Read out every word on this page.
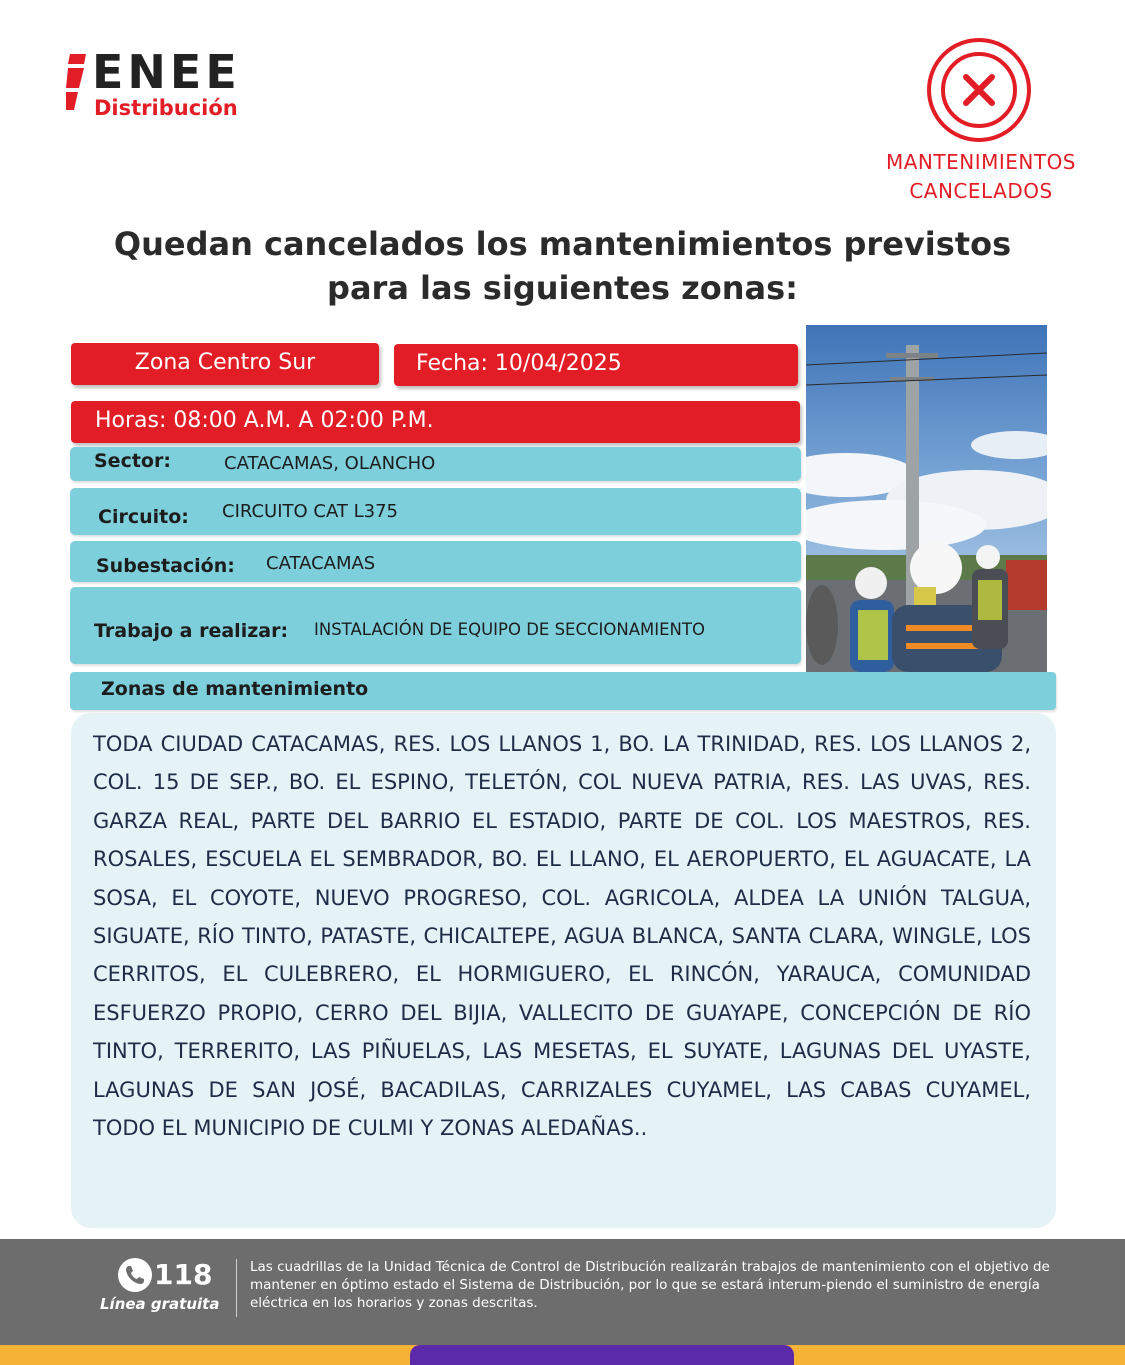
ENEE
Distribución
MANTENIMIENTOS
CANCELADOS
Quedan cancelados los mantenimientos previstos
para las siguientes zonas:
Zona Centro Sur	Fecha: 10/04/2025
Horas: 08:00 A.M. A 02:00 P.M.
Sector:	CATACAMAS, OLANCHO
Circuito: CIRCUITO CAT L375
Subestación: CATACAMAS
Trabajo a realizar: INSTALACIÓN DE EQUIPO DE SECCIONAMIENTO
Zonas de mantenimiento
TODA CIUDAD CATACAMAS, RES. LOS LLANOS 1, BO. LA TRINIDAD, RES. LOS LLANOS 2, COL. 15 DE SEP., BO. EL ESPINO, TELETÓN, COL NUEVA PATRIA, RES. LAS UVAS, RES. GARZA REAL, PARTE DEL BARRIO EL ESTADIO, PARTE DE COL. LOS MAESTROS, RES. ROSALES, ESCUELA EL SEMBRADOR, BO. EL LLANO, EL AEROPUERTO, EL AGUACATE, LA SOSA, EL COYOTE, NUEVO PROGRESO, COL. AGRICOLA, ALDEA LA UNIÓN TALGUA, SIGUATE, RÍO TINTO, PATASTE, CHICALTEPE, AGUA BLANCA, SANTA CLARA, WINGLE, LOS CERRITOS, EL CULEBRERO, EL HORMIGUERO, EL RINCÓN, YARAUCA, COMUNIDAD ESFUERZO PROPIO, CERRO DEL BIJIA, VALLECITO DE GUAYAPE, CONCEPCIÓN DE RÍO TINTO, TERRERITO, LAS PIÑUELAS, LAS MESETAS, EL SUYATE, LAGUNAS DEL UYASTE, LAGUNAS DE SAN JOSÉ, BACADILAS, CARRIZALES CUYAMEL, LAS CABAS CUYAMEL, TODO EL MUNICIPIO DE CULMI Y ZONAS ALEDAÑAS..
118
Línea gratuita
Las cuadrillas de la Unidad Técnica de Control de Distribución realizarán trabajos de mantenimiento con el objetivo de mantener en óptimo estado el Sistema de Distribución, por lo que se estará interum-piendo el suministro de energía eléctrica en los horarios y zonas descritas.
